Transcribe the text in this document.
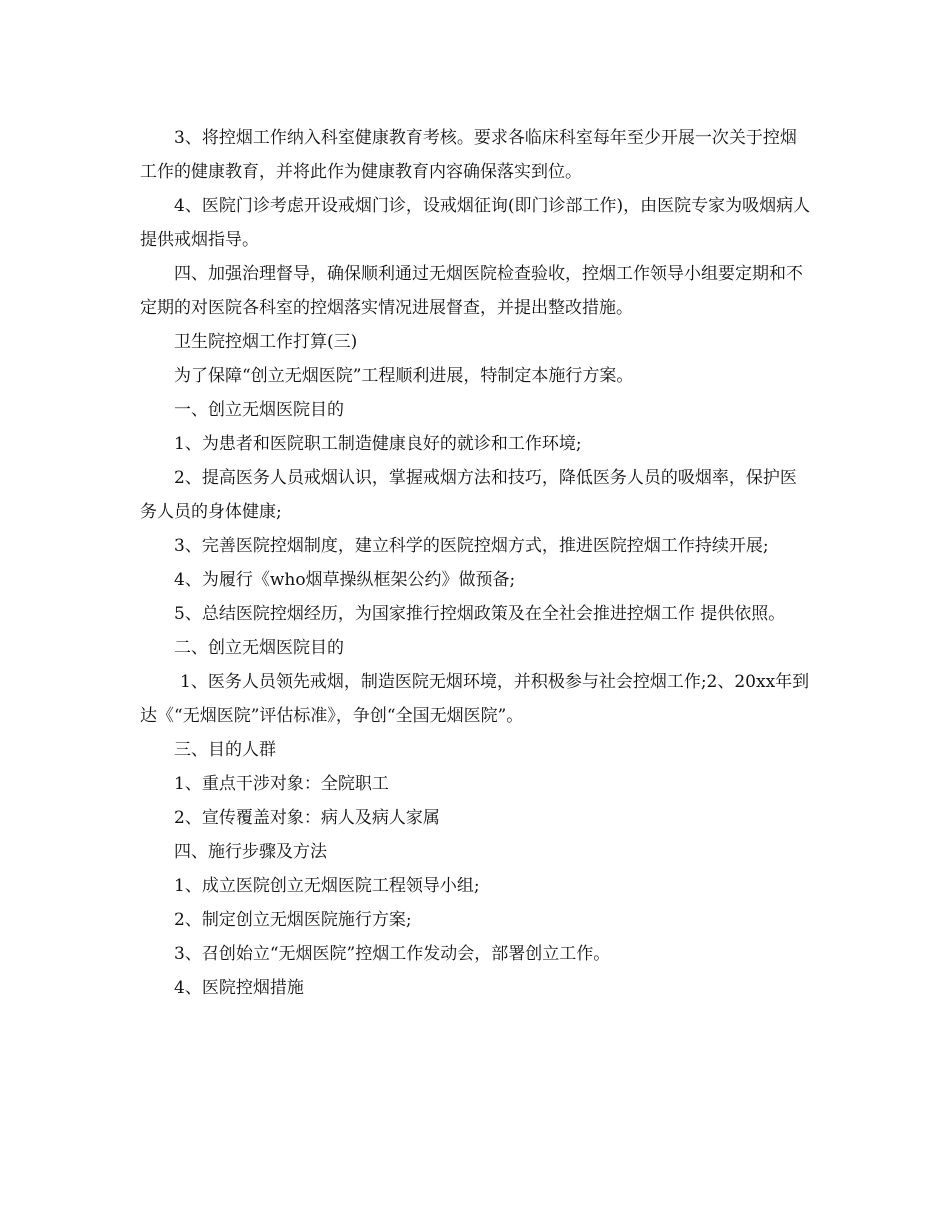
3、将控烟工作纳入科室健康教育考核。要求各临床科室每年至少开展一次关于控烟工作的健康教育，并将此作为健康教育内容确保落实到位。

4、医院门诊考虑开设戒烟门诊，设戒烟征询(即门诊部工作)，由医院专家为吸烟病人提供戒烟指导。

四、加强治理督导，确保顺利通过无烟医院检查验收，控烟工作领导小组要定期和不定期的对医院各科室的控烟落实情况进展督查，并提出整改措施。

卫生院控烟工作打算(三)

为了保障“创立无烟医院”工程顺利进展，特制定本施行方案。

一、创立无烟医院目的

1、为患者和医院职工制造健康良好的就诊和工作环境;

2、提高医务人员戒烟认识，掌握戒烟方法和技巧，降低医务人员的吸烟率，保护医务人员的身体健康;

3、完善医院控烟制度，建立科学的医院控烟方式，推进医院控烟工作持续开展;

4、为履行《who烟草操纵框架公约》做预备;

5、总结医院控烟经历，为国家推行控烟政策及在全社会推进控烟工作 提供依照。

二、创立无烟医院目的

1、医务人员领先戒烟，制造医院无烟环境，并积极参与社会控烟工作;2、20xx年到达《“无烟医院”评估标准》，争创“全国无烟医院”。

三、目的人群

1、重点干涉对象：全院职工

2、宣传覆盖对象：病人及病人家属

四、施行步骤及方法

1、成立医院创立无烟医院工程领导小组;

2、制定创立无烟医院施行方案;

3、召创始立“无烟医院”控烟工作发动会，部署创立工作。

4、医院控烟措施
